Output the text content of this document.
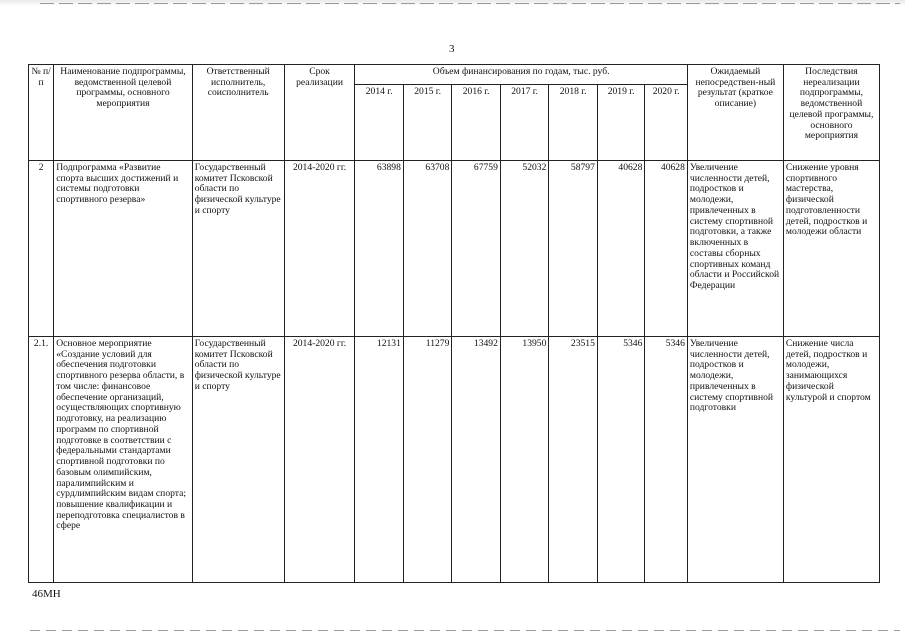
3
№ п/п	Наименование подпрограммы, ведомственной целевой программы, основного мероприятия	Ответственный исполнитель, соисполнитель	Срок реализации	Объем финансирования по годам, тыс. руб.							Ожидаемый непосредствен-ный результат (краткое описание)	Последствия нереализации подпрограммы, ведомственной целевой программы, основного мероприятия
				2014 г.	2015 г.	2016 г.	2017 г.	2018 г.	2019 г.	2020 г.		
2	Подпрограмма «Развитие спорта высших достижений и системы подготовки спортивного резерва»	Государственный комитет Псковской области по физической культуре и спорту	2014-2020 гг.	63898	63708	67759	52032	58797	40628	40628	Увеличение численности детей, подростков и молодежи, привлеченных в систему спортивной подготовки, а также включенных в составы сборных спортивных команд области и Российской Федерации	Снижение уровня спортивного мастерства, физической подготовленности детей, подростков и молодежи области
2.1.	Основное мероприятие «Создание условий для обеспечения подготовки спортивного резерва области, в том числе: финансовое обеспечение организаций, осуществляющих спортивную подготовку, на реализацию программ по спортивной подготовке в соответствии с федеральными стандартами спортивной подготовки по базовым олимпийским, паралимпийским и сурдлимпийским видам спорта; повышение квалификации и переподготовка специалистов в сфере	Государственный комитет Псковской области по физической культуре и спорту	2014-2020 гг.	12131	11279	13492	13950	23515	5346	5346	Увеличение численности детей, подростков и молодежи, привлеченных в систему спортивной подготовки	Снижение числа детей, подростков и молодежи, занимающихся физической культурой и спортом
46МН
